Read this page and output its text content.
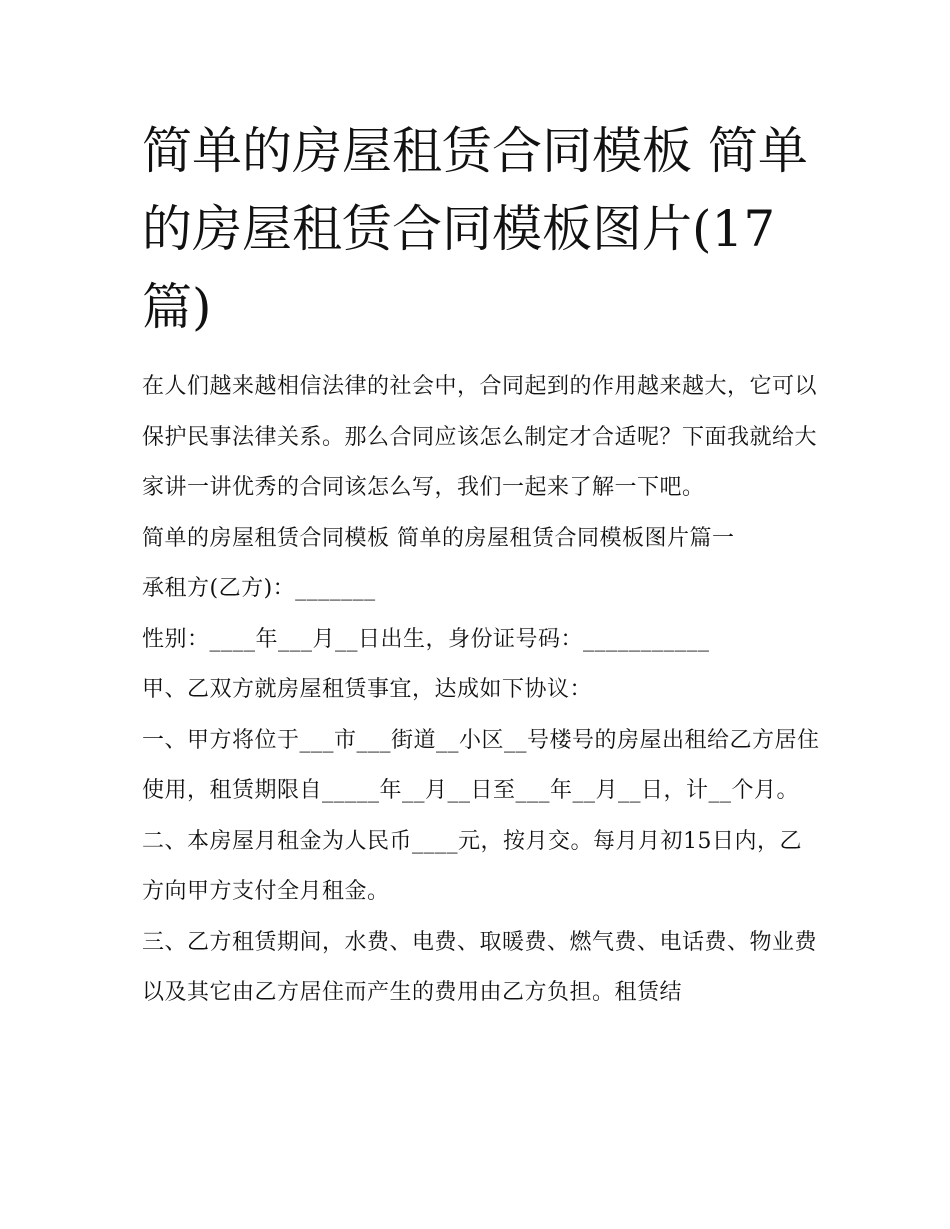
简单的房屋租赁合同模板 简单的房屋租赁合同模板图片(17篇)

在人们越来越相信法律的社会中，合同起到的作用越来越大，它可以保护民事法律关系。那么合同应该怎么制定才合适呢？下面我就给大家讲一讲优秀的合同该怎么写，我们一起来了解一下吧。

简单的房屋租赁合同模板 简单的房屋租赁合同模板图片篇一

承租方(乙方)：_______

性别：____年___月__日出生，身份证号码：___________

甲、乙双方就房屋租赁事宜，达成如下协议：

一、甲方将位于___市___街道__小区__号楼号的房屋出租给乙方居住使用，租赁期限自_____年__月__日至___年__月__日，计__个月。

二、本房屋月租金为人民币____元，按月交。每月月初15日内，乙方向甲方支付全月租金。

三、乙方租赁期间，水费、电费、取暖费、燃气费、电话费、物业费以及其它由乙方居住而产生的费用由乙方负担。租赁结
